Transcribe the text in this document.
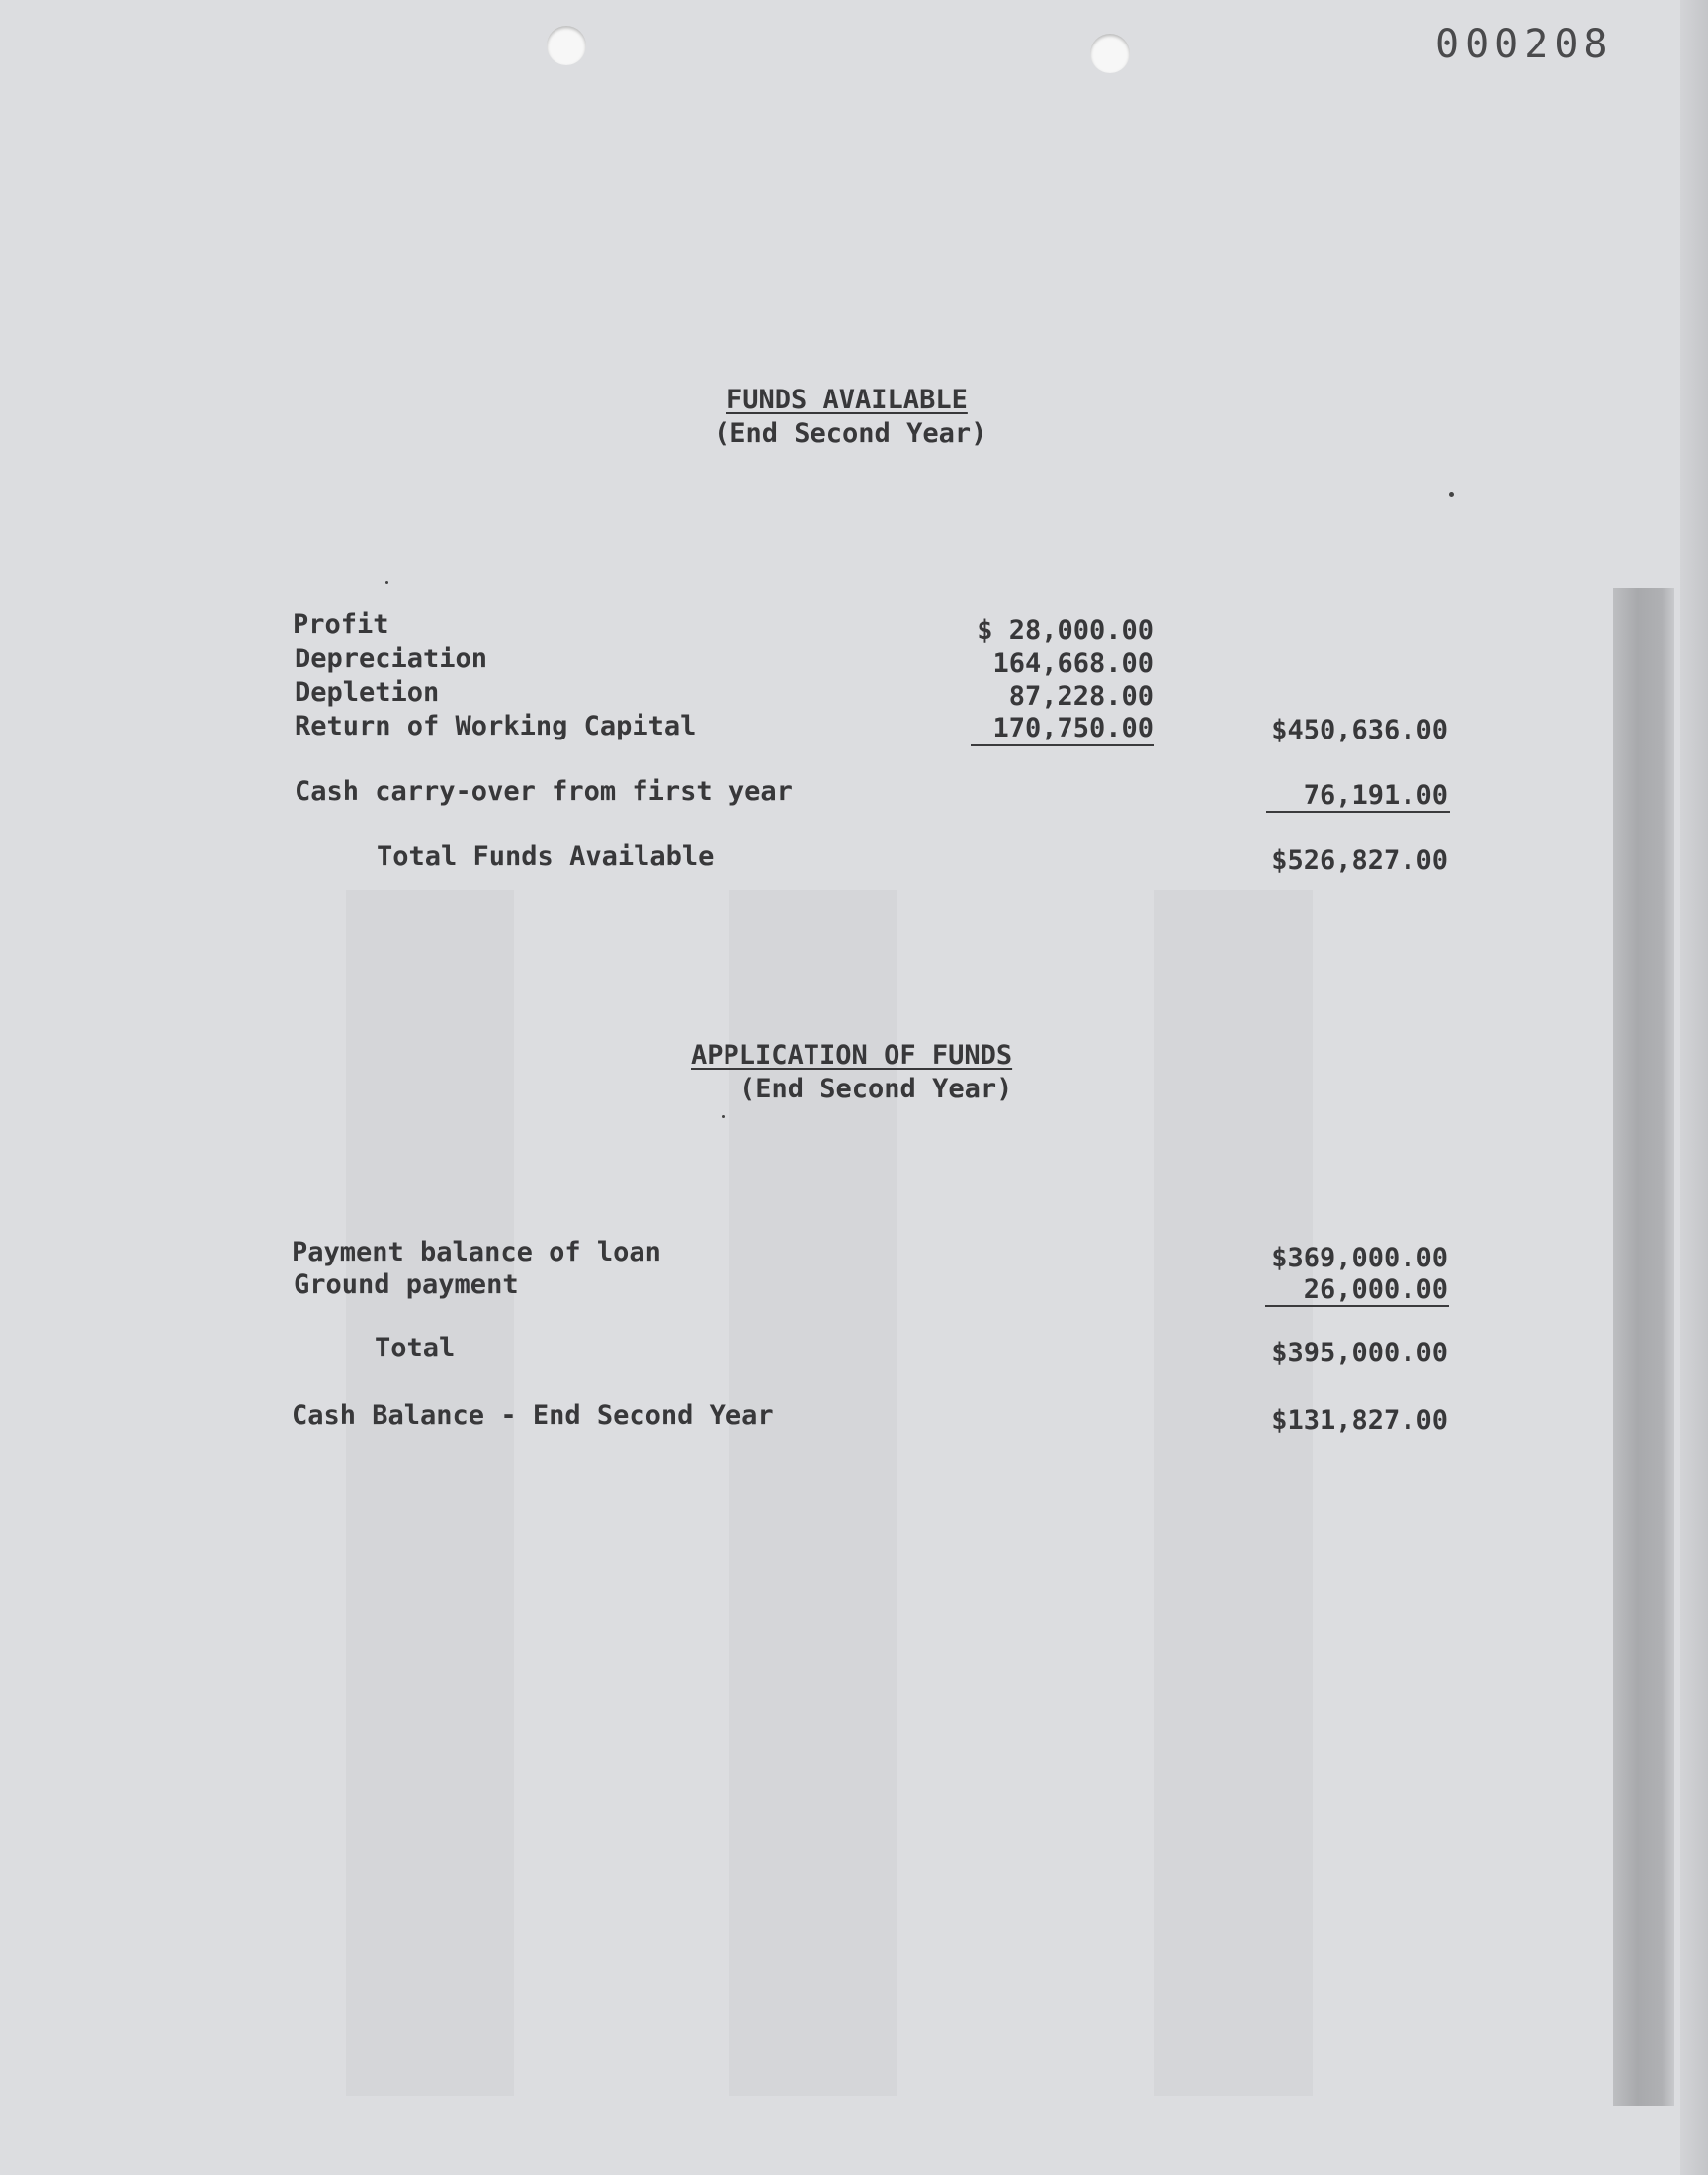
000208
FUNDS AVAILABLE
(End Second Year)
Profit	$ 28,000.00
Depreciation	164,668.00
Depletion	87,228.00
Return of Working Capital	170,750.00	$450,636.00
Cash carry-over from first year	76,191.00
Total Funds Available	$526,827.00
APPLICATION OF FUNDS
(End Second Year)
Payment balance of loan	$369,000.00
Ground payment	26,000.00
Total	$395,000.00
Cash Balance - End Second Year	$131,827.00
